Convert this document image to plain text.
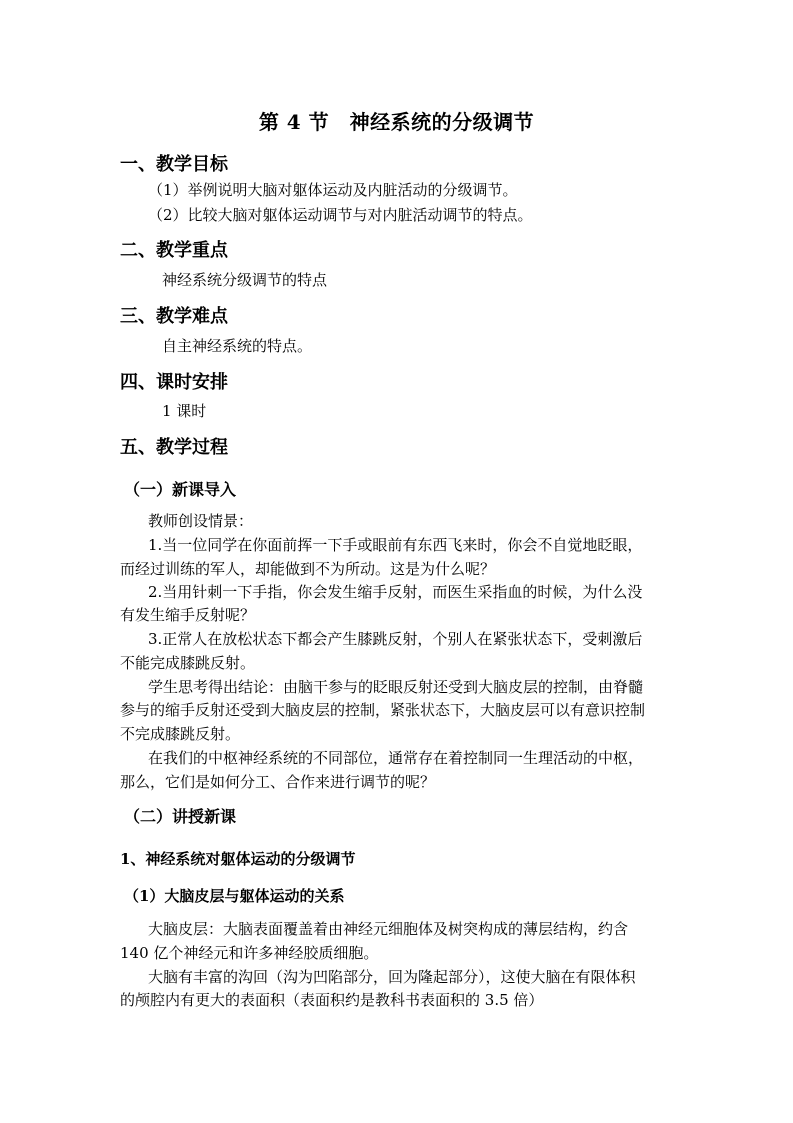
第 4 节　神经系统的分级调节
一、教学目标
（1）举例说明大脑对躯体运动及内脏活动的分级调节。
（2）比较大脑对躯体运动调节与对内脏活动调节的特点。
二、教学重点
神经系统分级调节的特点
三、教学难点
自主神经系统的特点。
四、课时安排
1 课时
五、教学过程
（一）新课导入
教师创设情景：
1.当一位同学在你面前挥一下手或眼前有东西飞来时，你会不自觉地眨眼，
而经过训练的军人，却能做到不为所动。这是为什么呢？
2.当用针刺一下手指，你会发生缩手反射，而医生采指血的时候，为什么没
有发生缩手反射呢？
3.正常人在放松状态下都会产生膝跳反射，个别人在紧张状态下，受刺激后
不能完成膝跳反射。
学生思考得出结论：由脑干参与的眨眼反射还受到大脑皮层的控制，由脊髓
参与的缩手反射还受到大脑皮层的控制，紧张状态下，大脑皮层可以有意识控制
不完成膝跳反射。
在我们的中枢神经系统的不同部位，通常存在着控制同一生理活动的中枢，
那么，它们是如何分工、合作来进行调节的呢？
（二）讲授新课
1、神经系统对躯体运动的分级调节
（1）大脑皮层与躯体运动的关系
大脑皮层：大脑表面覆盖着由神经元细胞体及树突构成的薄层结构，约含
140 亿个神经元和许多神经胶质细胞。
大脑有丰富的沟回（沟为凹陷部分，回为隆起部分），这使大脑在有限体积
的颅腔内有更大的表面积（表面积约是教科书表面积的 3.5 倍）
